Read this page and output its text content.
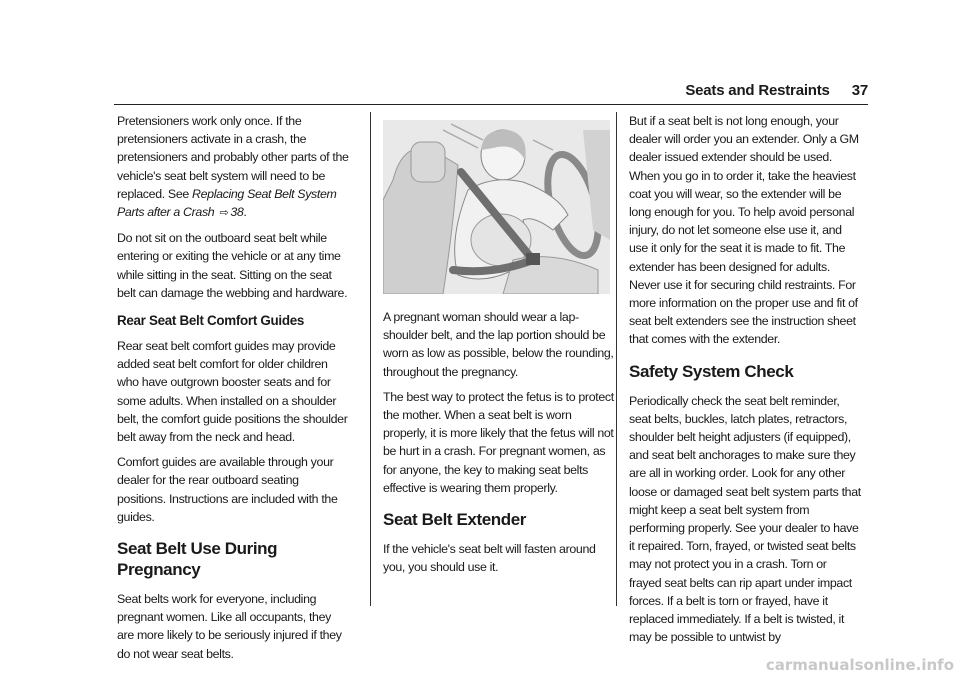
Seats and Restraints 37

Pretensioners work only once. If the pretensioners activate in a crash, the pretensioners and probably other parts of the vehicle's seat belt system will need to be replaced. See Replacing Seat Belt System Parts after a Crash ⇨ 38.

Do not sit on the outboard seat belt while entering or exiting the vehicle or at any time while sitting in the seat. Sitting on the seat belt can damage the webbing and hardware.

Rear Seat Belt Comfort Guides

Rear seat belt comfort guides may provide added seat belt comfort for older children who have outgrown booster seats and for some adults. When installed on a shoulder belt, the comfort guide positions the shoulder belt away from the neck and head.

Comfort guides are available through your dealer for the rear outboard seating positions. Instructions are included with the guides.

Seat Belt Use During Pregnancy

Seat belts work for everyone, including pregnant women. Like all occupants, they are more likely to be seriously injured if they do not wear seat belts.

A pregnant woman should wear a lap-shoulder belt, and the lap portion should be worn as low as possible, below the rounding, throughout the pregnancy.

The best way to protect the fetus is to protect the mother. When a seat belt is worn properly, it is more likely that the fetus will not be hurt in a crash. For pregnant women, as for anyone, the key to making seat belts effective is wearing them properly.

Seat Belt Extender

If the vehicle's seat belt will fasten around you, you should use it.

But if a seat belt is not long enough, your dealer will order you an extender. Only a GM dealer issued extender should be used. When you go in to order it, take the heaviest coat you will wear, so the extender will be long enough for you. To help avoid personal injury, do not let someone else use it, and use it only for the seat it is made to fit. The extender has been designed for adults. Never use it for securing child restraints. For more information on the proper use and fit of seat belt extenders see the instruction sheet that comes with the extender.

Safety System Check

Periodically check the seat belt reminder, seat belts, buckles, latch plates, retractors, shoulder belt height adjusters (if equipped), and seat belt anchorages to make sure they are all in working order. Look for any other loose or damaged seat belt system parts that might keep a seat belt system from performing properly. See your dealer to have it repaired. Torn, frayed, or twisted seat belts may not protect you in a crash. Torn or frayed seat belts can rip apart under impact forces. If a belt is torn or frayed, have it replaced immediately. If a belt is twisted, it may be possible to untwist by

carmanualsonline.info
